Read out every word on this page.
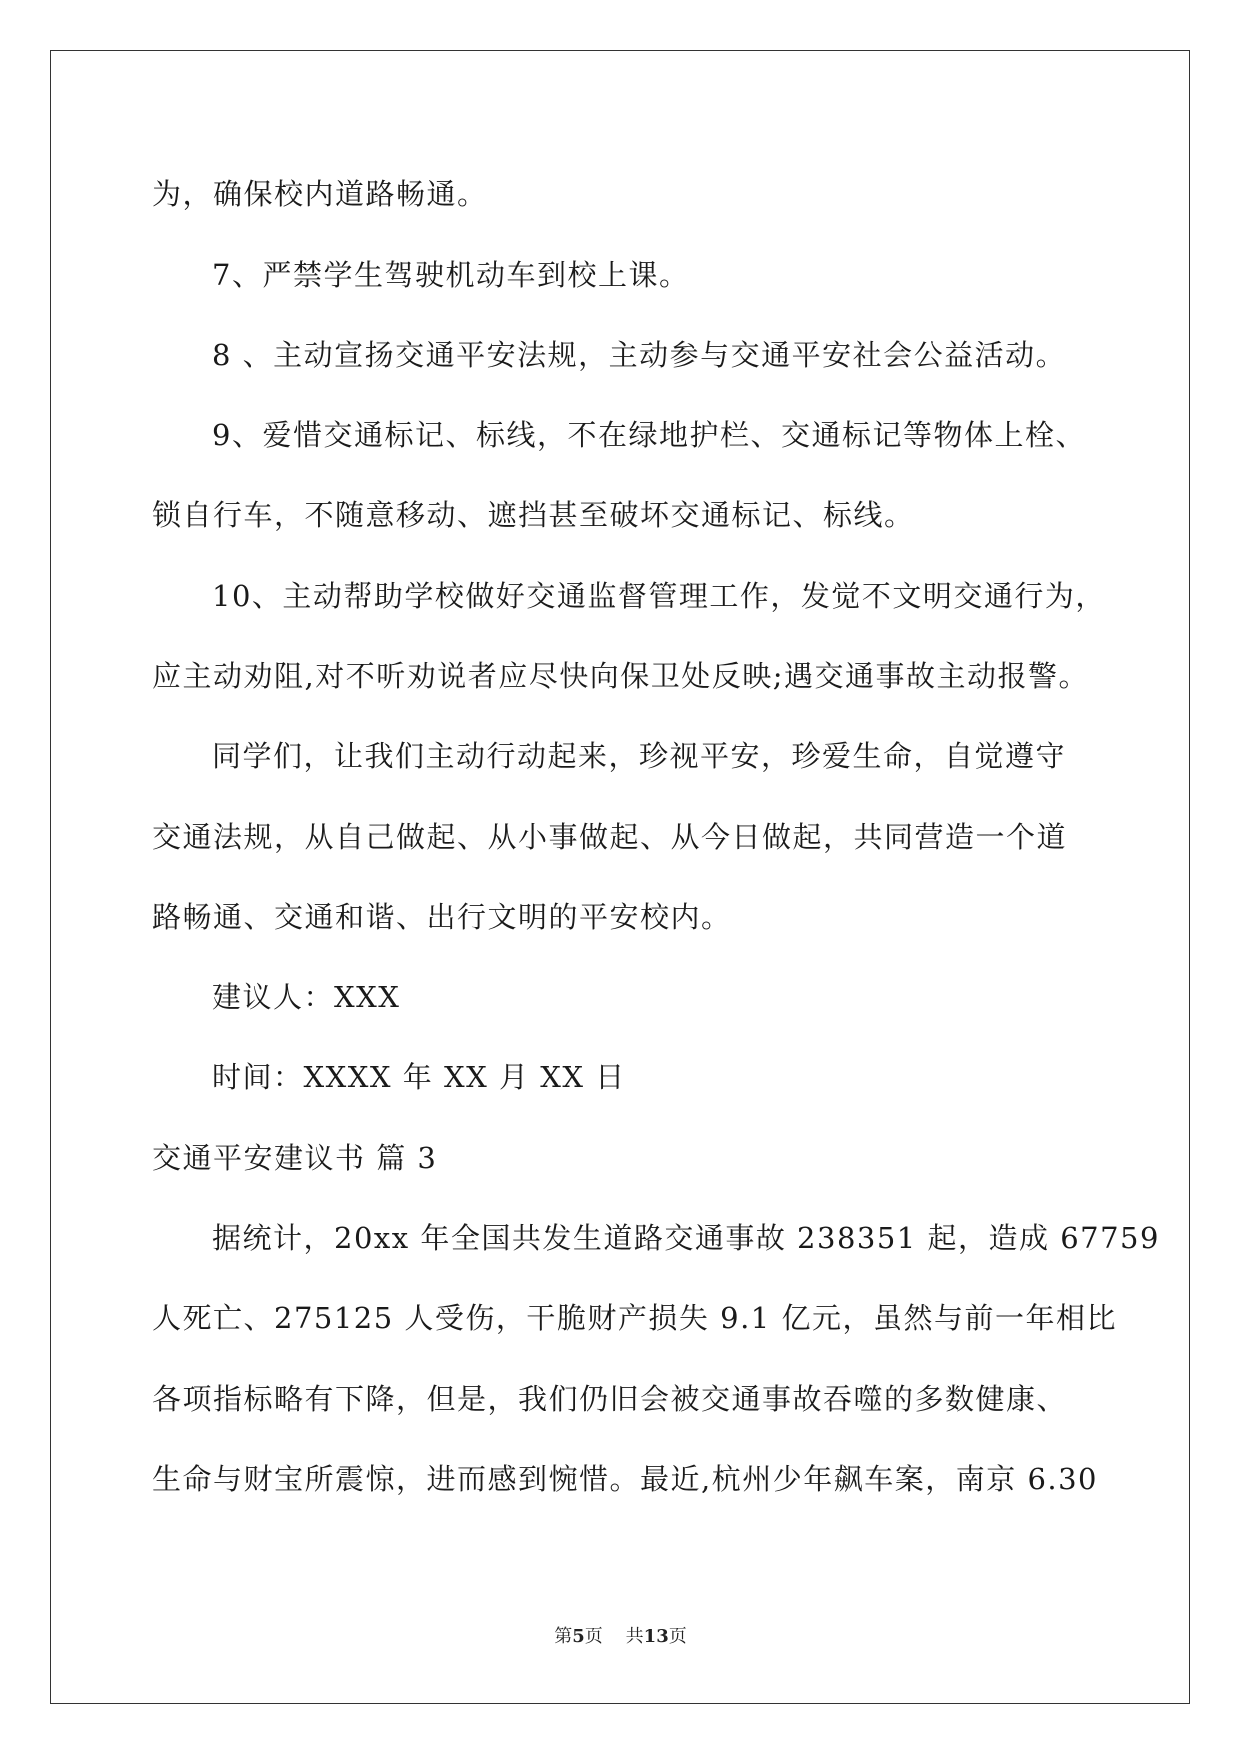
为，确保校内道路畅通。
7、严禁学生驾驶机动车到校上课。
8 、主动宣扬交通平安法规，主动参与交通平安社会公益活动。
9、爱惜交通标记、标线，不在绿地护栏、交通标记等物体上栓、
锁自行车，不随意移动、遮挡甚至破坏交通标记、标线。
10、主动帮助学校做好交通监督管理工作，发觉不文明交通行为，
应主动劝阻,对不听劝说者应尽快向保卫处反映;遇交通事故主动报警。
同学们，让我们主动行动起来，珍视平安，珍爱生命，自觉遵守
交通法规，从自己做起、从小事做起、从今日做起，共同营造一个道
路畅通、交通和谐、出行文明的平安校内。
建议人：XXX
时间：XXXX 年 XX 月 XX 日
交通平安建议书 篇 3
据统计，20xx 年全国共发生道路交通事故 238351 起，造成 67759
人死亡、275125 人受伤，干脆财产损失 9.1 亿元，虽然与前一年相比
各项指标略有下降，但是，我们仍旧会被交通事故吞噬的多数健康、
生命与财宝所震惊，进而感到惋惜。最近,杭州少年飙车案，南京 6.30
第5页    共13页
